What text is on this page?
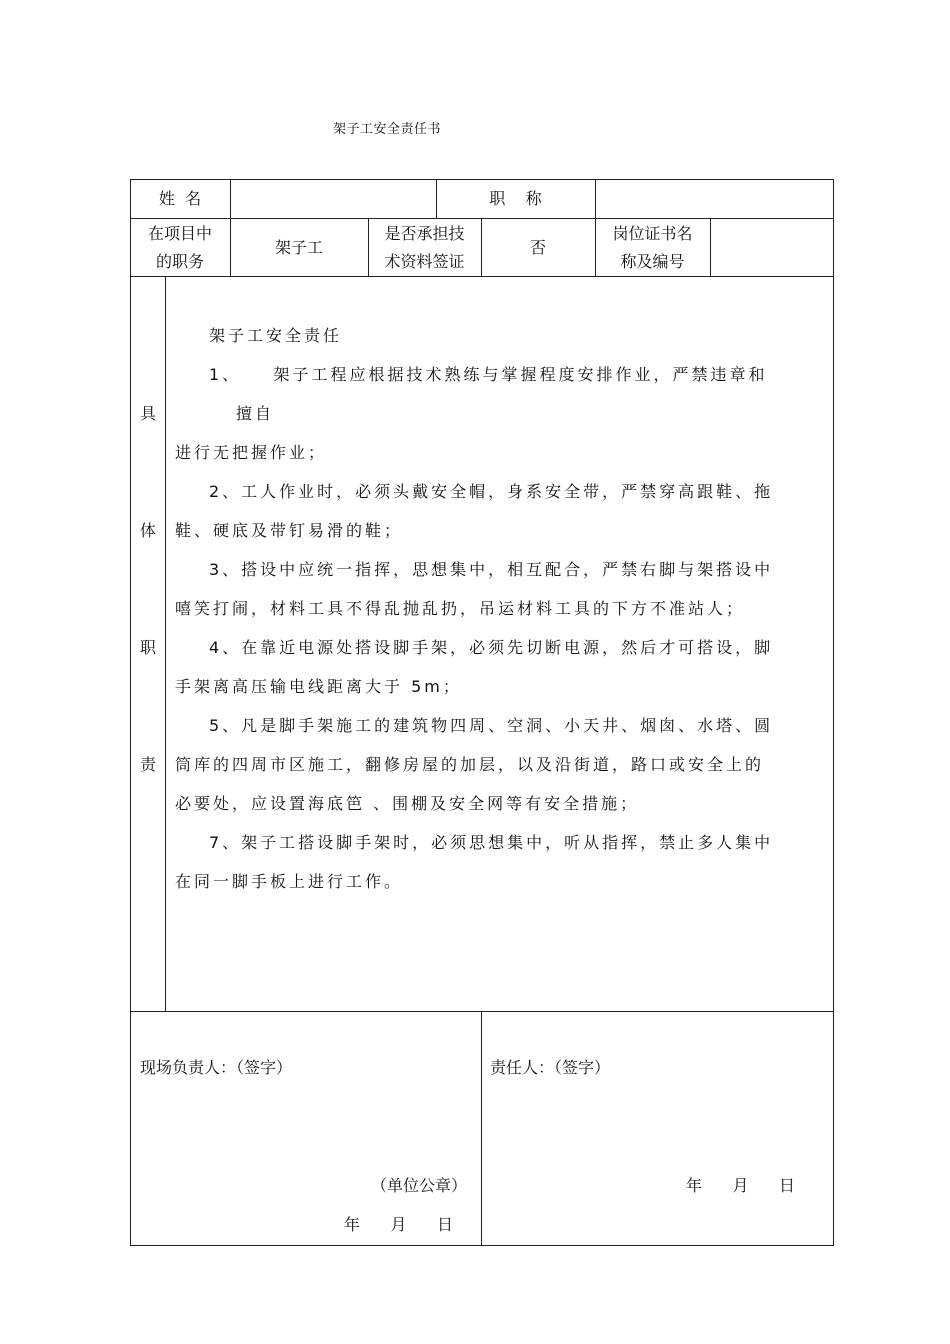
架子工安全责任书
姓  名	职    称
在项目中
的职务
架子工
是否承担技
术资料签证
否
岗位证书名
称及编号
具
体
职
责
架子工安全责任
1、    架子工程应根据技术熟练与掌握程度安排作业，严禁违章和
擅自
进行无把握作业；
2、工人作业时，必须头戴安全帽，身系安全带，严禁穿高跟鞋、拖
鞋、硬底及带钉易滑的鞋；
3、搭设中应统一指挥，思想集中，相互配合，严禁右脚与架搭设中
嘻笑打闹，材料工具不得乱抛乱扔，吊运材料工具的下方不准站人；
4、在靠近电源处搭设脚手架，必须先切断电源，然后才可搭设，脚
手架离高压输电线距离大于 5m；
5、凡是脚手架施工的建筑物四周、空洞、小天井、烟囱、水塔、圆
筒库的四周市区施工，翻修房屋的加层，以及沿街道，路口或安全上的
必要处，应设置海底笆 、围棚及安全网等有安全措施；
7、架子工搭设脚手架时，必须思想集中，听从指挥，禁止多人集中
在同一脚手板上进行工作。
现场负责人：（签字）
（单位公章）
年      月      日
责任人：（签字）
年      月      日
